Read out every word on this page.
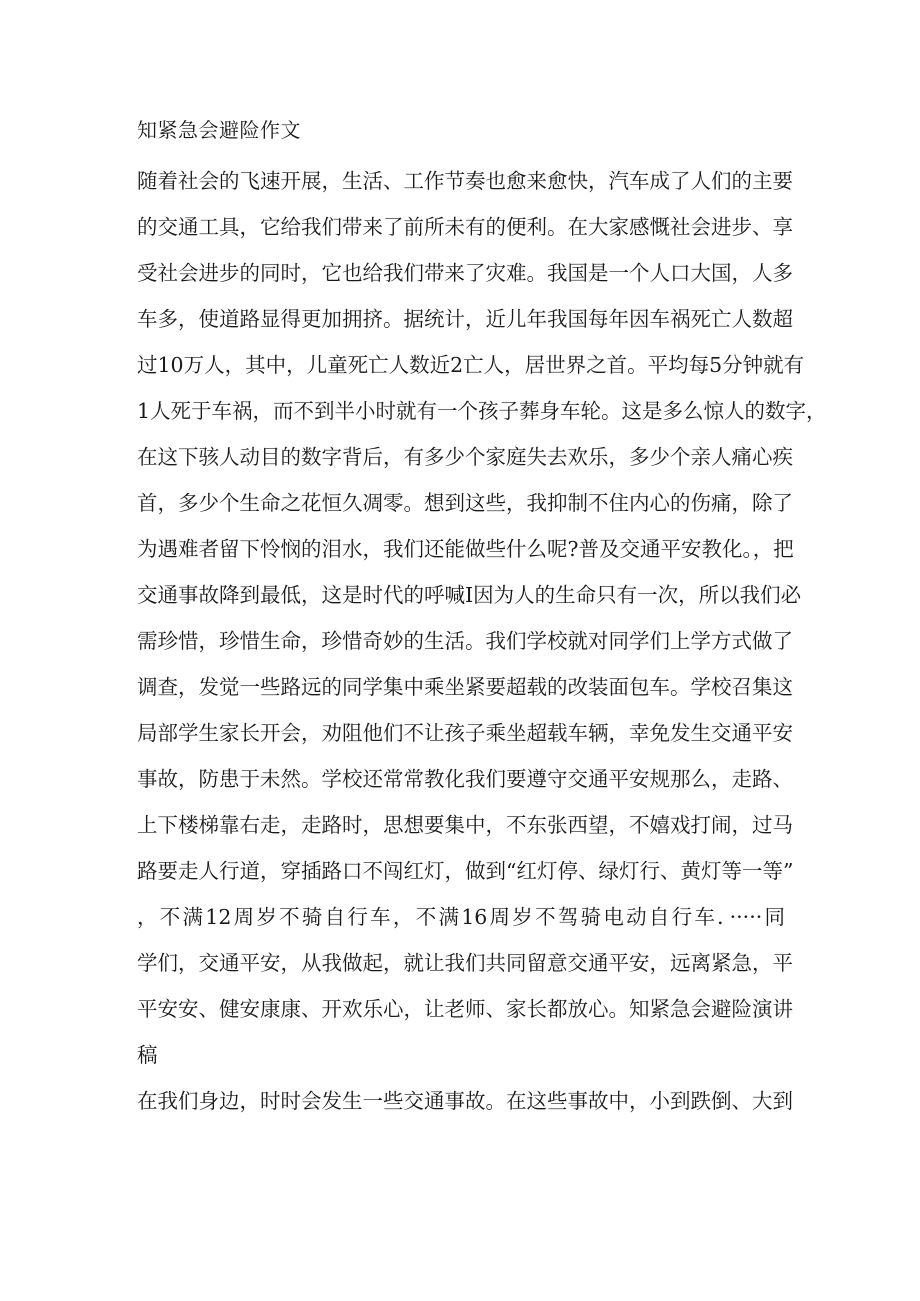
知紧急会避险作文
随着社会的飞速开展，生活、工作节奏也愈来愈快，汽车成了人们的主要
的交通工具，它给我们带来了前所未有的便利。在大家感慨社会进步、享
受社会进步的同时，它也给我们带来了灾难。我国是一个人口大国，人多
车多，使道路显得更加拥挤。据统计，近儿年我国每年因车祸死亡人数超
过10万人，其中，儿童死亡人数近2亡人，居世界之首。平均每5分钟就有
1人死于车祸，而不到半小时就有一个孩子葬身车轮。这是多么惊人的数字，
在这下骇人动目的数字背后，有多少个家庭失去欢乐，多少个亲人痛心疾
首，多少个生命之花恒久凋零。想到这些，我抑制不住内心的伤痛，除了
为遇难者留下怜悯的泪水，我们还能做些什么呢?普及交通平安教化。，把
交通事故降到最低，这是时代的呼喊I因为人的生命只有一次，所以我们必
需珍惜，珍惜生命，珍惜奇妙的生活。我们学校就对同学们上学方式做了
调查，发觉一些路远的同学集中乘坐紧要超载的改装面包车。学校召集这
局部学生家长开会，劝阻他们不让孩子乘坐超载车辆，幸免发生交通平安
事故，防患于未然。学校还常常教化我们要遵守交通平安规那么，走路、
上下楼梯靠右走，走路时，思想要集中，不东张西望，不嬉戏打闹，过马
路要走人行道，穿插路口不闯红灯，做到“红灯停、绿灯行、黄灯等一等”
，不满12周岁不骑自行车，不满16周岁不驾骑电动自行车．·····同
学们，交通平安，从我做起，就让我们共同留意交通平安，远离紧急，平
平安安、健安康康、开欢乐心，让老师、家长都放心。知紧急会避险演讲
稿
在我们身边，时时会发生一些交通事故。在这些事故中，小到跌倒、大到
